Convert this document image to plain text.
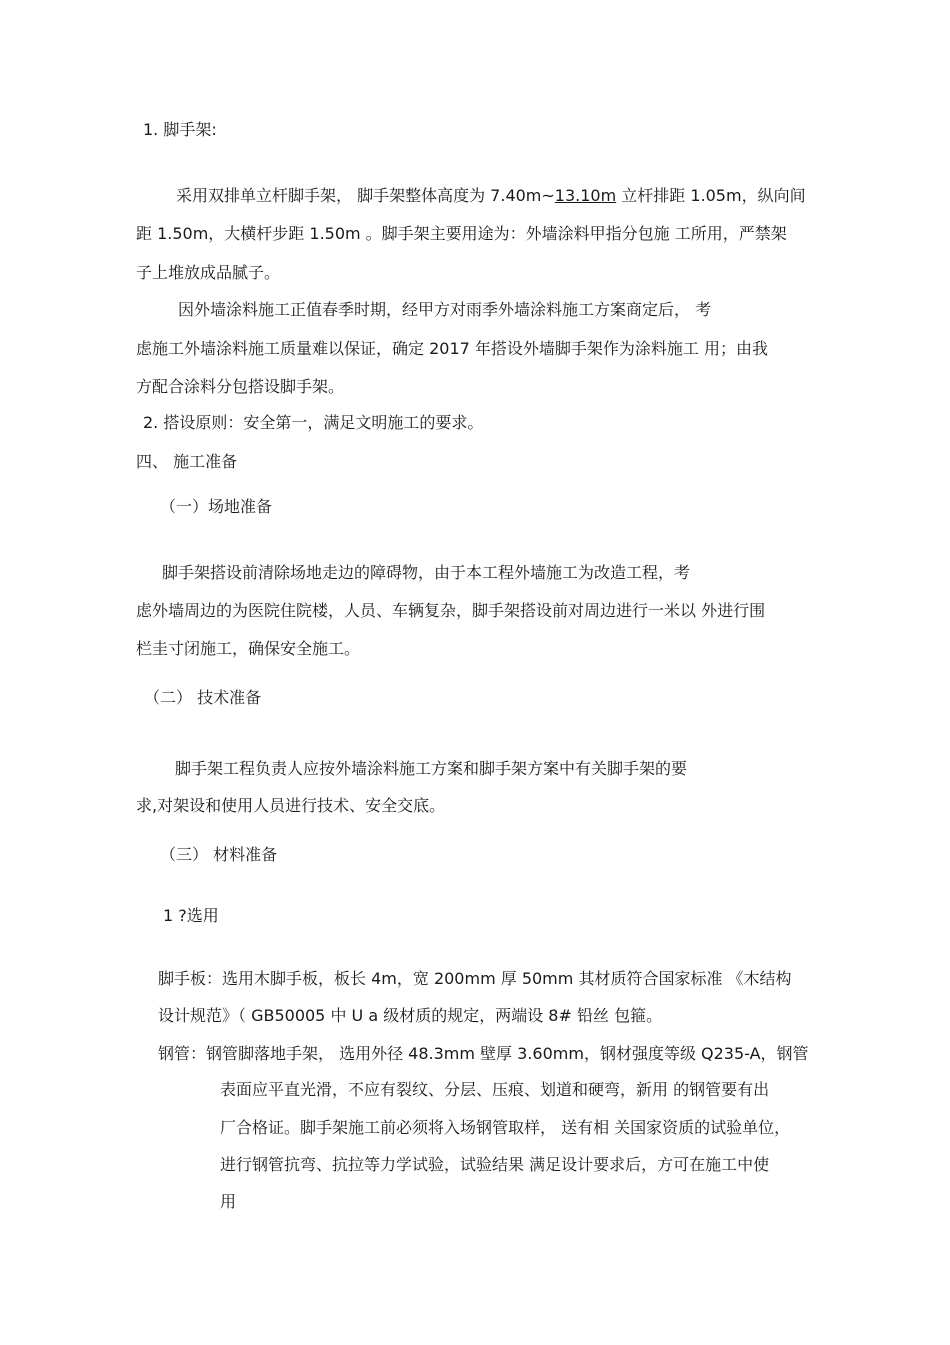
1. 脚手架:
采用双排单立杆脚手架， 脚手架整体高度为 7.40m~13.10m 立杆排距 1.05m，纵向间
距 1.50m，大横杆步距 1.50m 。脚手架主要用途为：外墙涂料甲指分包施 工所用，严禁架
子上堆放成品腻子。
因外墙涂料施工正值春季时期，经甲方对雨季外墙涂料施工方案商定后， 考
虑施工外墙涂料施工质量难以保证，确定 2017 年搭设外墙脚手架作为涂料施工 用；由我
方配合涂料分包搭设脚手架。
2. 搭设原则：安全第一，满足文明施工的要求。
四、 施工准备
（一）场地准备
脚手架搭设前清除场地走边的障碍物，由于本工程外墙施工为改造工程，考
虑外墙周边的为医院住院楼，人员、车辆复杂，脚手架搭设前对周边进行一米以 外进行围
栏圭寸闭施工，确保安全施工。
（二） 技术准备
脚手架工程负责人应按外墙涂料施工方案和脚手架方案中有关脚手架的要
求,对架设和使用人员进行技术、安全交底。
（三） 材料准备
1 ?选用
脚手板：选用木脚手板，板长 4m，宽 200mm 厚 50mm 其材质符合国家标准 《木结构
设计规范》（ GB50005 中 U a 级材质的规定，两端设 8# 铅丝 包箍。
钢管：钢管脚落地手架， 选用外径 48.3mm 壁厚 3.60mm，钢材强度等级 Q235-A，钢管
表面应平直光滑，不应有裂纹、分层、压痕、划道和硬弯，新用 的钢管要有出
厂合格证。脚手架施工前必须将入场钢管取样， 送有相 关国家资质的试验单位，
进行钢管抗弯、抗拉等力学试验，试验结果 满足设计要求后，方可在施工中使
用
